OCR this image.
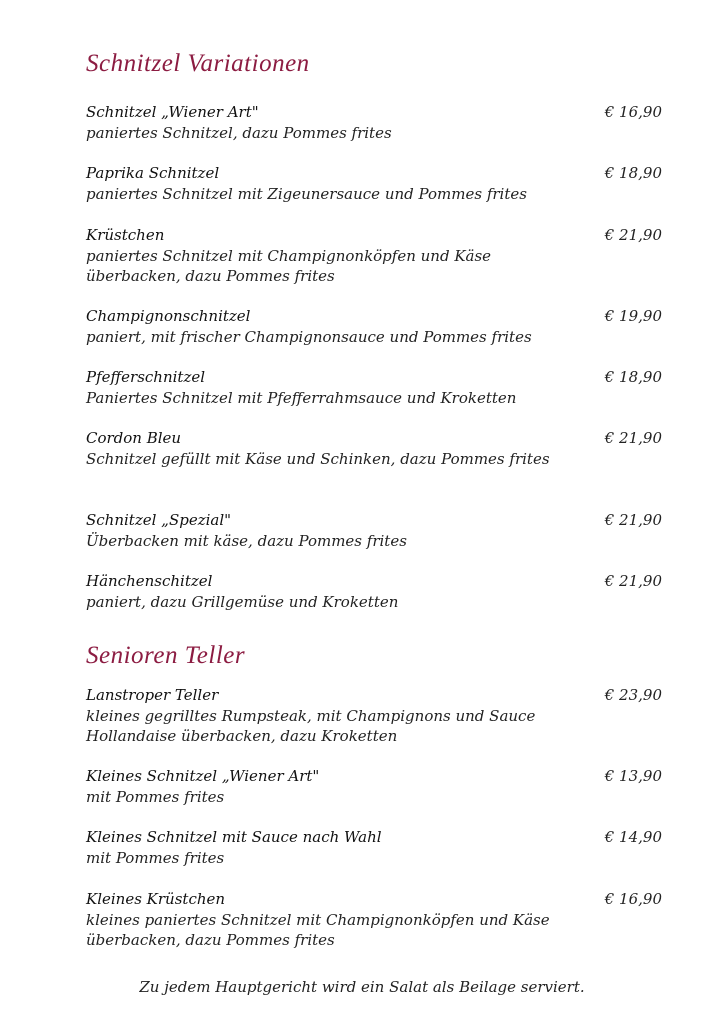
Schnitzel Variationen
Schnitzel „Wiener Art"
paniertes Schnitzel, dazu Pommes frites
€ 16,90
Paprika Schnitzel
paniertes Schnitzel mit Zigeunersauce und Pommes frites
€ 18,90
Krüstchen
paniertes Schnitzel mit Champignonköpfen und Käse überbacken, dazu Pommes frites
€ 21,90
Champignonschnitzel
paniert, mit frischer Champignonsauce und Pommes frites
€ 19,90
Pfefferschnitzel
Paniertes Schnitzel mit Pfefferrahmsauce und Kroketten
€ 18,90
Cordon Bleu
Schnitzel gefüllt mit Käse und Schinken, dazu Pommes frites
€ 21,90
Schnitzel „Spezial"
Überbacken mit käse, dazu Pommes frites
€ 21,90
Hänchenschitzel
paniert, dazu Grillgemüse und Kroketten
€ 21,90
Senioren Teller
Lanstroper Teller
kleines gegrilltes Rumpsteak, mit Champignons und Sauce Hollandaise überbacken, dazu Kroketten
€ 23,90
Kleines Schnitzel „Wiener Art"
mit Pommes frites
€ 13,90
Kleines Schnitzel mit Sauce nach Wahl
mit Pommes frites
€ 14,90
Kleines Krüstchen
kleines paniertes Schnitzel mit Champignonköpfen und Käse überbacken, dazu Pommes frites
€ 16,90
Zu jedem Hauptgericht wird ein Salat als Beilage serviert.
